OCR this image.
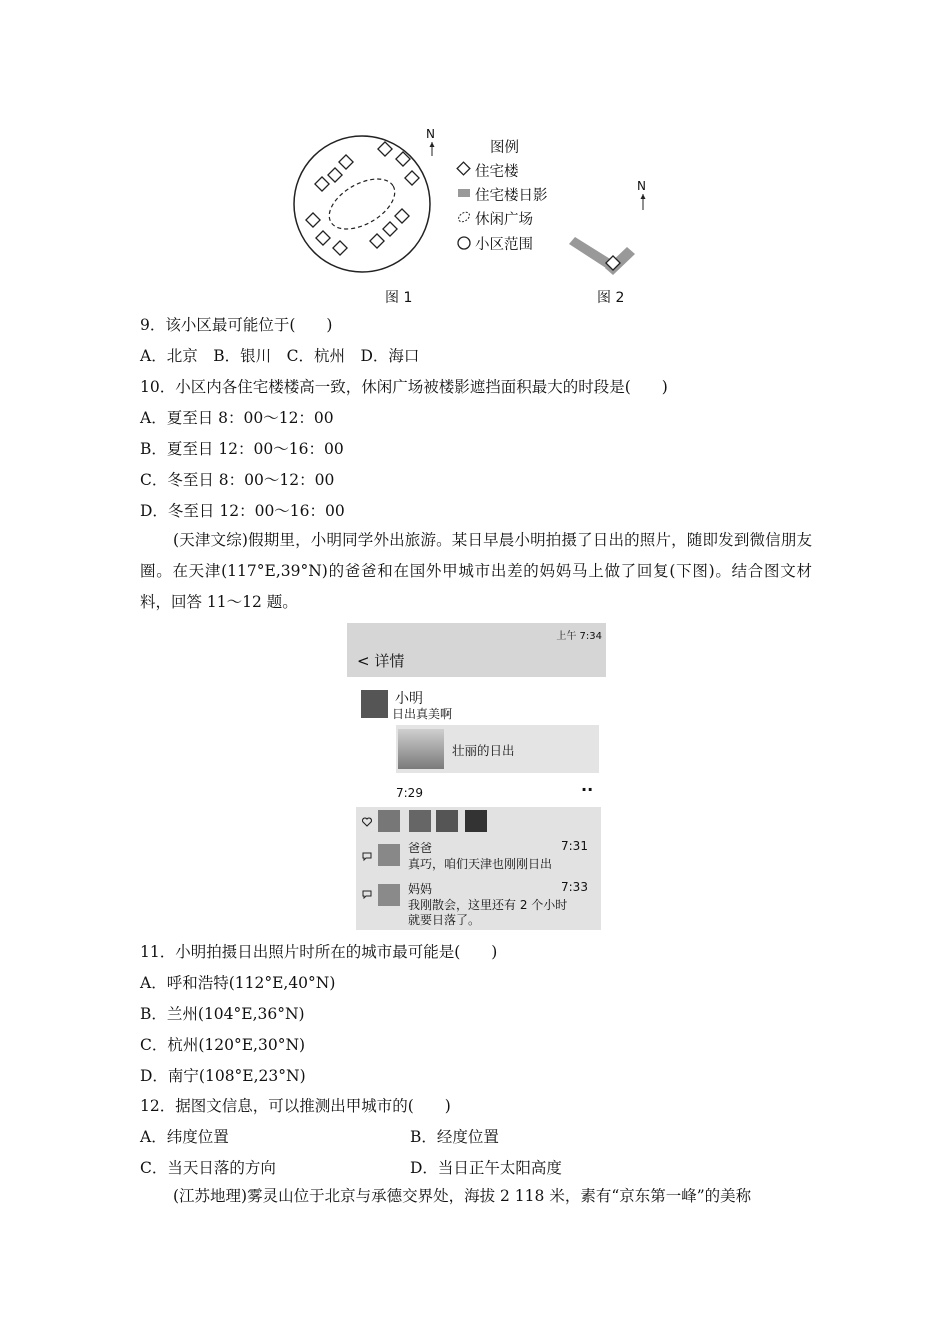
N
图例
住宅楼
住宅楼日影
休闲广场
小区范围
图 1
N
图 2
9．该小区最可能位于(　　)
A．北京　B．银川　C．杭州　D．海口
10．小区内各住宅楼楼高一致，休闲广场被楼影遮挡面积最大的时段是(　　)
A．夏至日 8：00～12：00
B．夏至日 12：00～16：00
C．冬至日 8：00～12：00
D．冬至日 12：00～16：00
(天津文综)假期里，小明同学外出旅游。某日早晨小明拍摄了日出的照片，随即发到微信朋友圈。在天津(117°E,39°N)的爸爸和在国外甲城市出差的妈妈马上做了回复(下图)。结合图文材料，回答 11～12 题。
上午 7:34
< 详情
小明
日出真美啊
壮丽的日出
7:29	··
爸爸	7:31
真巧，咱们天津也刚刚日出
妈妈	7:33
我刚散会，这里还有 2 个小时
就要日落了。
11．小明拍摄日出照片时所在的城市最可能是(　　)
A．呼和浩特(112°E,40°N)
B．兰州(104°E,36°N)
C．杭州(120°E,30°N)
D．南宁(108°E,23°N)
12．据图文信息，可以推测出甲城市的(　　)
A．纬度位置	B．经度位置
C．当天日落的方向	D．当日正午太阳高度
(江苏地理)雾灵山位于北京与承德交界处，海拔 2 118 米，素有“京东第一峰”的美称
